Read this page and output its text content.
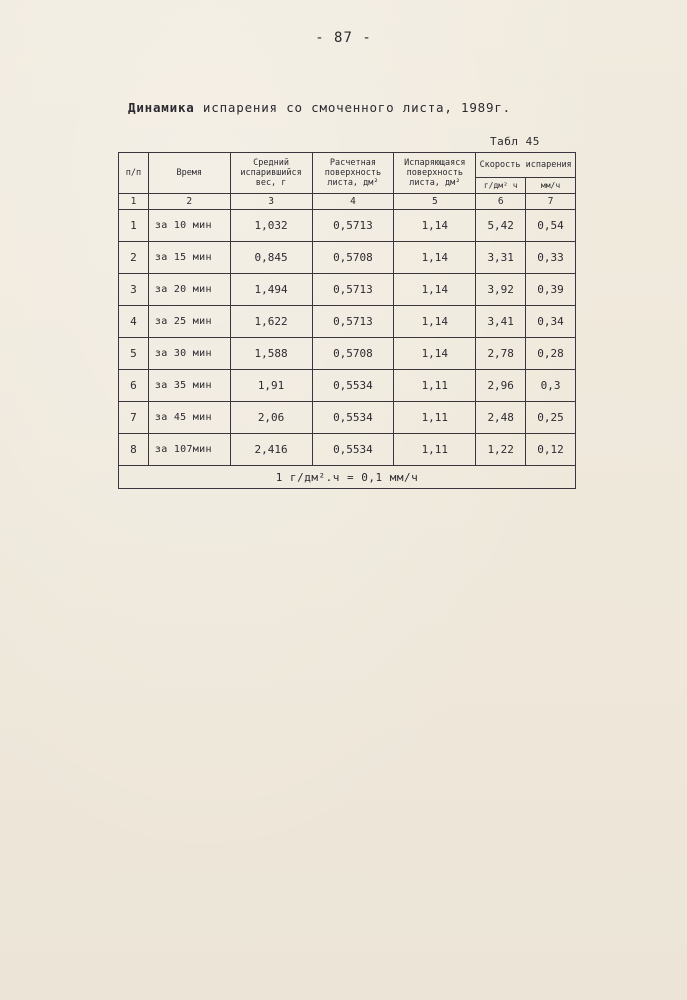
- 87 -
Динамика испарения со смоченного листа, 1989г.
Табл 45
п/п	Время	Средний испарившийся вес, г	Расчетная поверхность листа, дм²	Испаряющаяся поверхность листа, дм²	Скорость испарения	

					г/дм² ч	мм/ч
1	2	3	4	5	6	7
1	за 10 мин	1,032	0,5713	1,14	5,42	0,54
2	за 15 мин	0,845	0,5708	1,14	3,31	0,33
3	за 20 мин	1,494	0,5713	1,14	3,92	0,39
4	за 25 мин	1,622	0,5713	1,14	3,41	0,34
5	за 30 мин	1,588	0,5708	1,14	2,78	0,28
6	за 35 мин	1,91	0,5534	1,11	2,96	0,3
7	за 45 мин	2,06	0,5534	1,11	2,48	0,25
8	за 107мин	2,416	0,5534	1,11	1,22	0,12
1 г/дм².ч = 0,1 мм/ч						
